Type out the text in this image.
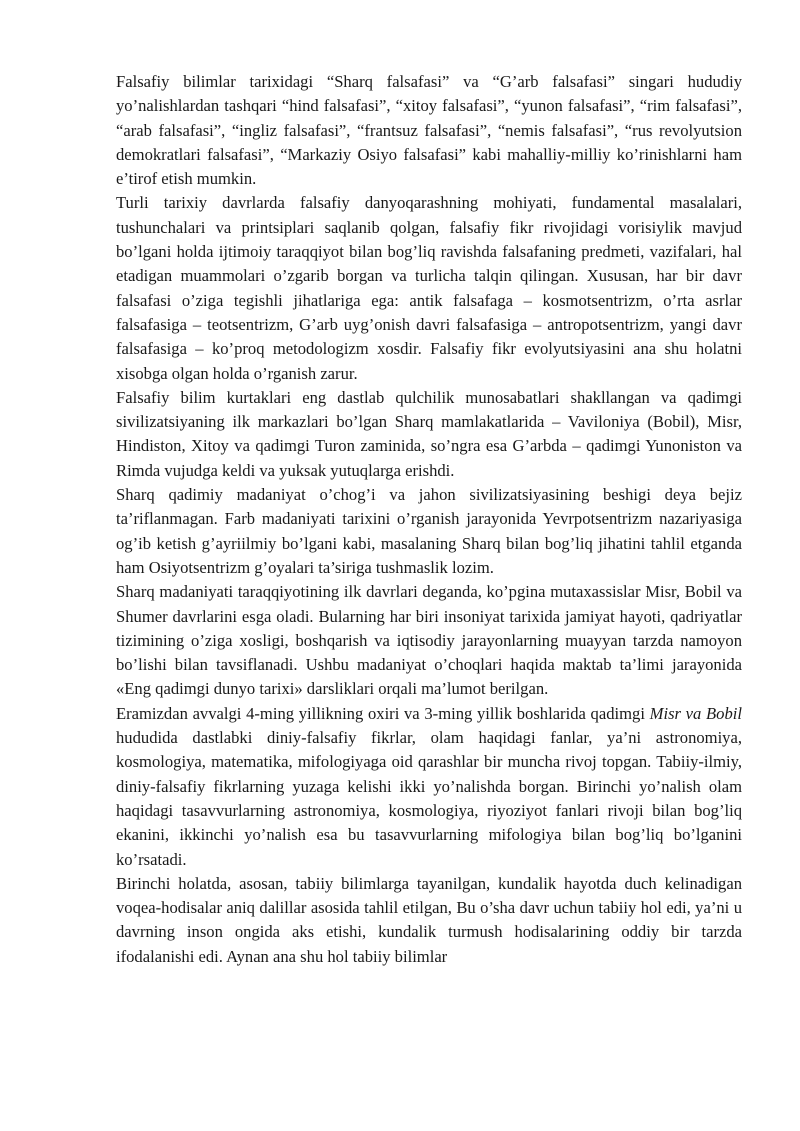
Falsafiy bilimlar tarixidagi “Sharq falsafasi” va “G’arb falsafasi” singari hududiy yo’nalishlardan tashqari “hind falsafasi”, “xitoy falsafasi”, “yunon falsafasi”, “rim falsafasi”, “arab falsafasi”, “ingliz falsafasi”, “frantsuz falsafasi”, “nemis falsafasi”, “rus revolyutsion demokratlari falsafasi”, “Markaziy Osiyo falsafasi” kabi mahalliy-milliy ko’rinishlarni ham e’tirof etish mumkin.

Turli tarixiy davrlarda falsafiy danyoqarashning mohiyati, fundamental masalalari, tushunchalari va printsiplari saqlanib qolgan, falsafiy fikr rivojidagi vorisiylik mavjud bo’lgani holda ijtimoiy taraqqiyot bilan bog’liq ravishda falsafaning predmeti, vazifalari, hal etadigan muammolari o’zgarib borgan va turlicha talqin qilingan. Xususan, har bir davr falsafasi o’ziga tegishli jihatlariga ega: antik falsafaga – kosmotsentrizm, o’rta asrlar falsafasiga – teotsentrizm, G’arb uyg’onish davri falsafasiga – antropotsentrizm, yangi davr falsafasiga – ko’proq metodologizm xosdir. Falsafiy fikr evolyutsiyasini ana shu holatni xisobga olgan holda o’rganish zarur.

Falsafiy bilim kurtaklari eng dastlab qulchilik munosabatlari shakllangan va qadimgi sivilizatsiyaning ilk markazlari bo’lgan Sharq mamlakatlarida – Vaviloniya (Bobil), Misr, Hindiston, Xitoy va qadimgi Turon zaminida, so’ngra esa G’arbda – qadimgi Yunoniston va Rimda vujudga keldi va yuksak yutuqlarga erishdi.

Sharq qadimiy madaniyat o’chog’i va jahon sivilizatsiyasining beshigi deya bejiz ta’riflanmagan. Farb madaniyati tarixini o’rganish jarayonida Yevrpotsentrizm nazariyasiga og’ib ketish g’ayriilmiy bo’lgani kabi, masalaning Sharq bilan bog’liq jihatini tahlil etganda ham Osiyotsentrizm g’oyalari ta’siriga tushmaslik lozim.

Sharq madaniyati taraqqiyotining ilk davrlari deganda, ko’pgina mutaxassislar Misr, Bobil va Shumer davrlarini esga oladi. Bularning har biri insoniyat tarixida jamiyat hayoti, qadriyatlar tizimining o’ziga xosligi, boshqarish va iqtisodiy jarayonlarning muayyan tarzda namoyon bo’lishi bilan tavsiflanadi. Ushbu madaniyat o’choqlari haqida maktab ta’limi jarayonida «Eng qadimgi dunyo tarixi» darsliklari orqali ma’lumot berilgan.

Eramizdan avvalgi 4-ming yillikning oxiri va 3-ming yillik boshlarida qadimgi Misr va Bobil hududida dastlabki diniy-falsafiy fikrlar, olam haqidagi fanlar, ya’ni astronomiya, kosmologiya, matematika, mifologiyaga oid qarashlar bir muncha rivoj topgan. Tabiiy-ilmiy, diniy-falsafiy fikrlarning yuzaga kelishi ikki yo’nalishda borgan. Birinchi yo’nalish olam haqidagi tasavvurlarning astronomiya, kosmologiya, riyoziyot fanlari rivoji bilan bog’liq ekanini, ikkinchi yo’nalish esa bu tasavvurlarning mifologiya bilan bog’liq bo’lganini ko’rsatadi.

Birinchi holatda, asosan, tabiiy bilimlarga tayanilgan, kundalik hayotda duch kelinadigan voqea-hodisalar aniq dalillar asosida tahlil etilgan, Bu o’sha davr uchun tabiiy hol edi, ya’ni u davrning inson ongida aks etishi, kundalik turmush hodisalarining oddiy bir tarzda ifodalanishi edi. Aynan ana shu hol tabiiy bilimlar
